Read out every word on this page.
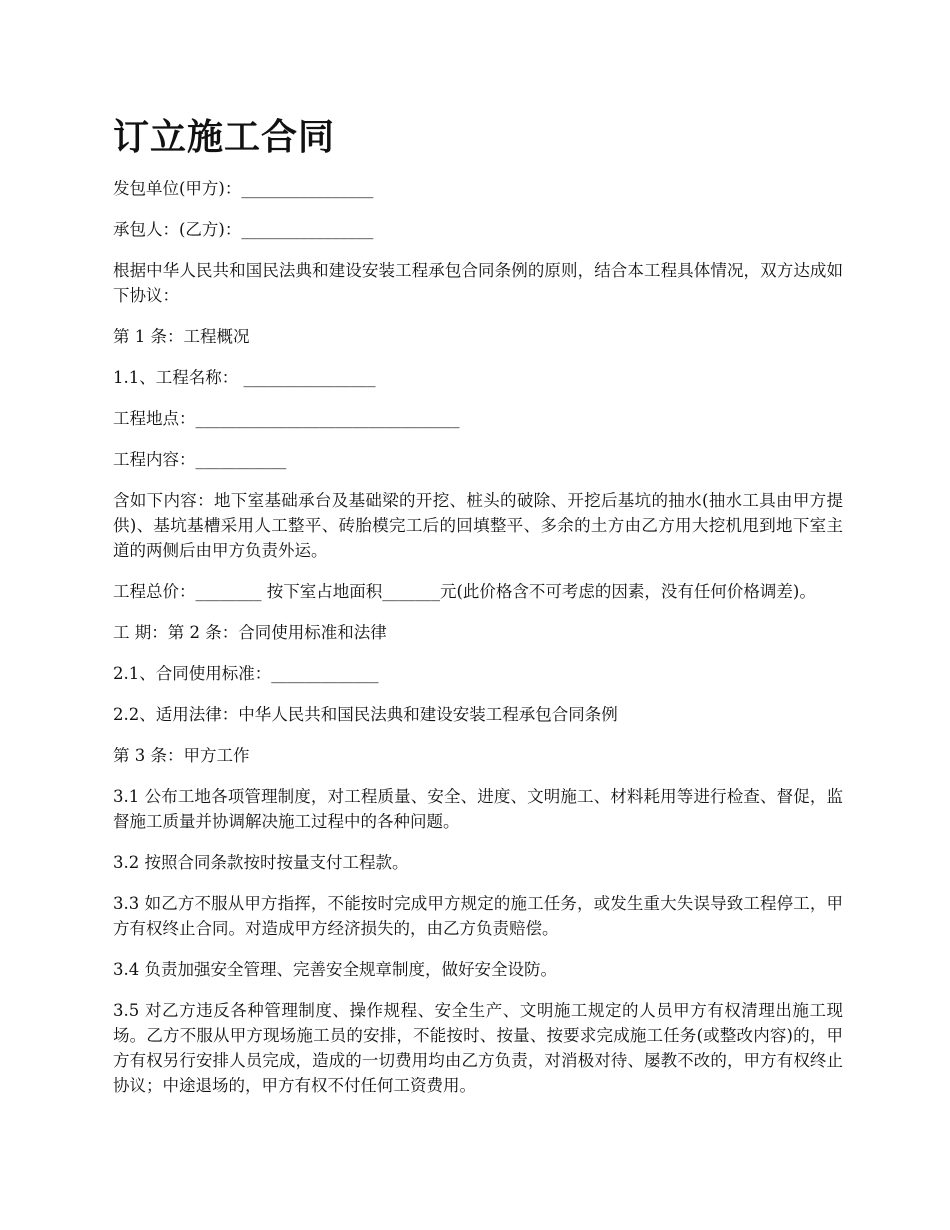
订立施工合同

发包单位(甲方)：________________

承包人：(乙方)：________________

根据中华人民共和国民法典和建设安装工程承包合同条例的原则，结合本工程具体情况，双方达成如下协议：

第 1 条：工程概况

1.1、工程名称： ________________

工程地点：________________________________

工程内容：___________

含如下内容：地下室基础承台及基础梁的开挖、桩头的破除、开挖后基坑的抽水(抽水工具由甲方提供)、基坑基槽采用人工整平、砖胎模完工后的回填整平、多余的土方由乙方用大挖机甩到地下室主道的两侧后由甲方负责外运。

工程总价：________ 按下室占地面积_______元(此价格含不可考虑的因素，没有任何价格调差)。

工 期：第 2 条：合同使用标准和法律

2.1、合同使用标准：_____________

2.2、适用法律：中华人民共和国民法典和建设安装工程承包合同条例

第 3 条：甲方工作

3.1 公布工地各项管理制度，对工程质量、安全、进度、文明施工、材料耗用等进行检查、督促，监督施工质量并协调解决施工过程中的各种问题。

3.2 按照合同条款按时按量支付工程款。

3.3 如乙方不服从甲方指挥，不能按时完成甲方规定的施工任务，或发生重大失误导致工程停工，甲方有权终止合同。对造成甲方经济损失的，由乙方负责赔偿。

3.4 负责加强安全管理、完善安全规章制度，做好安全设防。

3.5 对乙方违反各种管理制度、操作规程、安全生产、文明施工规定的人员甲方有权清理出施工现场。乙方不服从甲方现场施工员的安排，不能按时、按量、按要求完成施工任务(或整改内容)的，甲方有权另行安排人员完成，造成的一切费用均由乙方负责，对消极对待、屡教不改的，甲方有权终止协议；中途退场的，甲方有权不付任何工资费用。
